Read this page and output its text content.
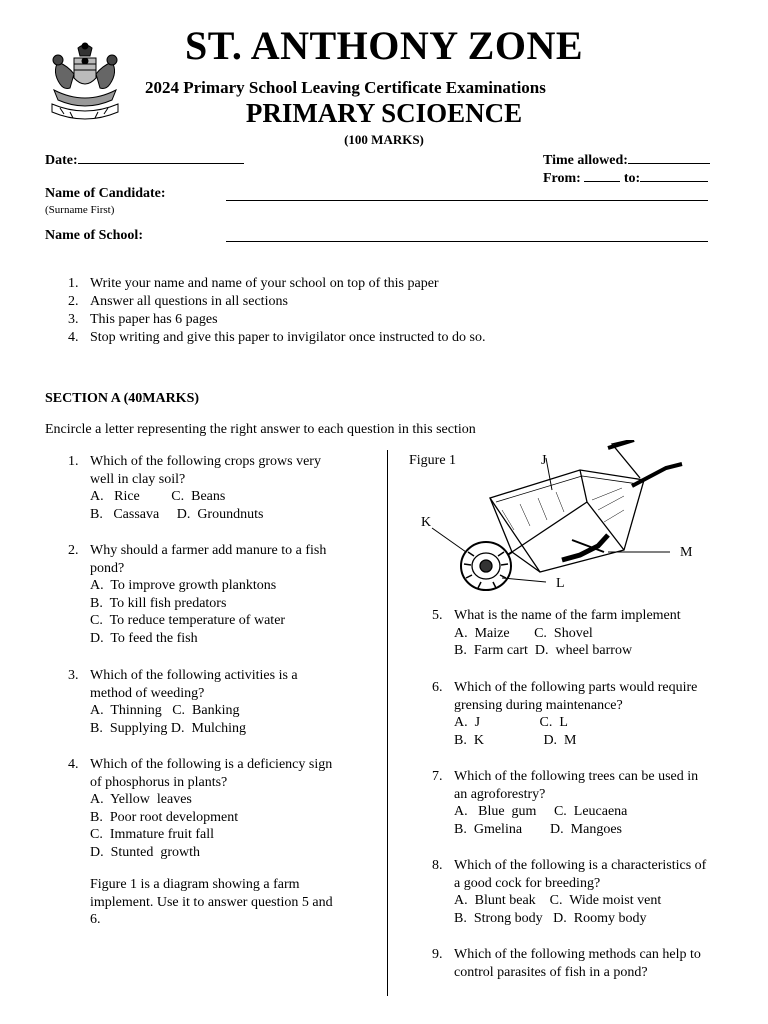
ST. ANTHONY ZONE
2024 Primary School Leaving Certificate Examinations
PRIMARY SCIOENCE
(100 MARKS)
Date:	Time allowed:
From:	to:
Name of Candidate:
(Surname First)
Name of School:
1. Write your name and name of your school on top of this paper
2. Answer all questions in all sections
3. This paper has 6 pages
4. Stop writing and give this paper to invigilator once instructed to do so.
SECTION A (40MARKS)
Encircle a letter representing the right answer to each question in this section
1. Which of the following crops grows very
well in clay soil?
A.   Rice         C.  Beans
B.   Cassava     D.  Groundnuts
2. Why should a farmer add manure to a fish
pond?
A.  To improve growth planktons
B.  To kill fish predators
C.  To reduce temperature of water
D.  To feed the fish
3. Which of the following activities is a
method of weeding?
A.  Thinning   C.  Banking
B.  Supplying D.  Mulching
4. Which of the following is a deficiency sign
of phosphorus in plants?
A.  Yellow  leaves
B.  Poor root development
C.  Immature fruit fall
D.  Stunted  growth
Figure 1 is a diagram showing a farm
implement. Use it to answer question 5 and
6.
Figure 1	J
K
L
M
5. What is the name of the farm implement
A.  Maize       C.  Shovel
B.  Farm cart  D.  wheel barrow
6. Which of the following parts would require
grensing during maintenance?
A.  J                 C.  L
B.  K                 D.  M
7. Which of the following trees can be used in
an agroforestry?
A.   Blue  gum     C.  Leucaena
B.  Gmelina        D.  Mangoes
8. Which of the following is a characteristics of
a good cock for breeding?
A.  Blunt beak    C.  Wide moist vent
B.  Strong body   D.  Roomy body
9. Which of the following methods can help to
control parasites of fish in a pond?
